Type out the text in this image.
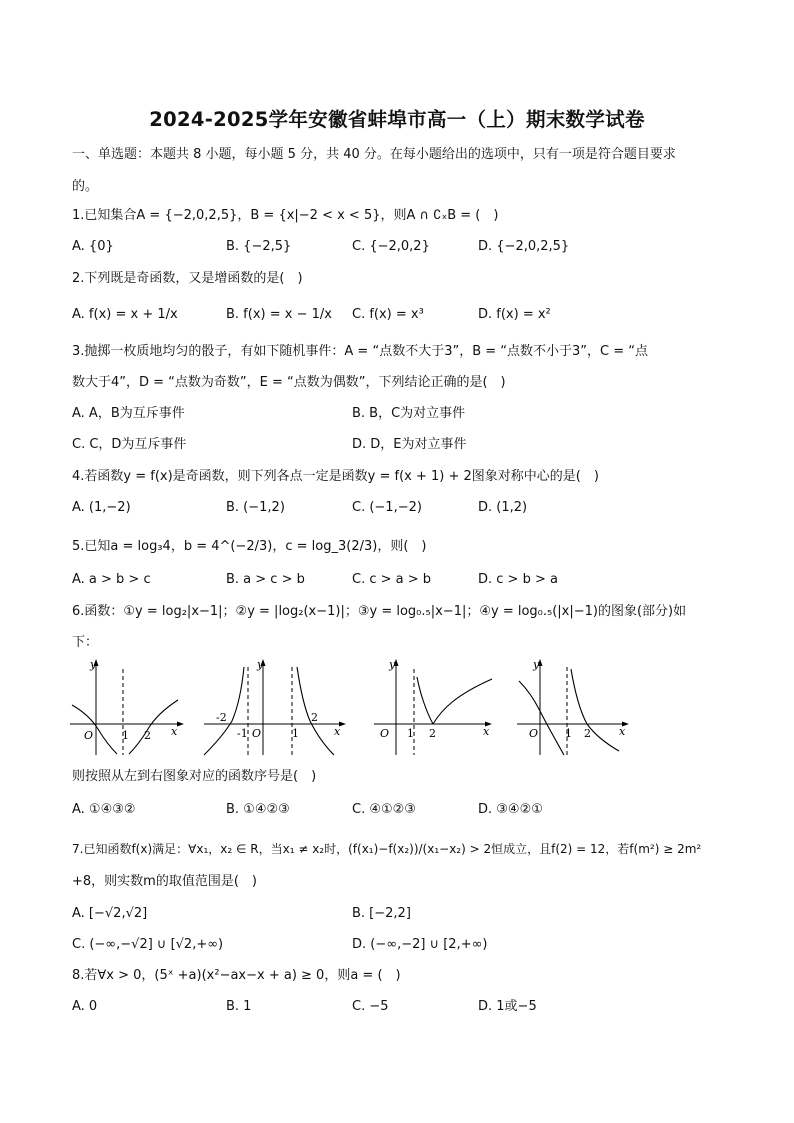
2024-2025学年安徽省蚌埠市高一（上）期末数学试卷
一、单选题：本题共 8 小题，每小题 5 分，共 40 分。在每小题给出的选项中，只有一项是符合题目要求
的。
1.已知集合A = {−2,0,2,5}，B = {x|−2 < x < 5}，则A ∩ ∁ₓB = (　)
A. {0}	B. {−2,5}	C. {−2,0,2}	D. {−2,0,2,5}
2.下列既是奇函数，又是增函数的是(　)
A. f(x) = x + 1/x	B. f(x) = x − 1/x C. f(x) = x³	D. f(x) = x²
3.抛掷一枚质地均匀的骰子，有如下随机事件：A = “点数不大于3”，B = “点数不小于3”，C = “点
数大于4”，D = “点数为奇数”，E = “点数为偶数”，下列结论正确的是(　)
A. A，B为互斥事件	B. B，C为对立事件
C. C，D为互斥事件	D. D，E为对立事件
4.若函数y = f(x)是奇函数，则下列各点一定是函数y = f(x + 1) + 2图象对称中心的是(　)
A. (1,−2)	B. (−1,2)	C. (−1,−2)	D. (1,2)
5.已知a = log₃4，b = 4^(−2/3)，c = log_3(2/3)，则(　)
A. a > b > c	B. a > c > b	C. c > a > b	D. c > b > a
6.函数：①y = log₂|x−1|；②y = |log₂(x−1)|；③y = log₀.₅|x−1|；④y = log₀.₅(|x|−1)的图象(部分)如
下：
y
O	1 2 x
y
-2
-1 O	1
2
x
y
O 1 2	x
y
O 1 2	x
则按照从左到右图象对应的函数序号是(　)
A. ①④③②	B. ①④②③	C. ④①②③	D. ③④②①
7.已知函数f(x)满足：∀x₁，x₂ ∈ R，当x₁ ≠ x₂时，(f(x₁)−f(x₂))/(x₁−x₂) > 2恒成立，且f(2) = 12，若f(m²) ≥ 2m²
+8，则实数m的取值范围是(　)
A. [−√2,√2]	B. [−2,2]
C. (−∞,−√2] ∪ [√2,+∞)	D. (−∞,−2] ∪ [2,+∞)
8.若∀x > 0，(5ˣ +a)(x²−ax−x + a) ≥ 0，则a = (　)
A. 0	B. 1	C. −5	D. 1或−5
